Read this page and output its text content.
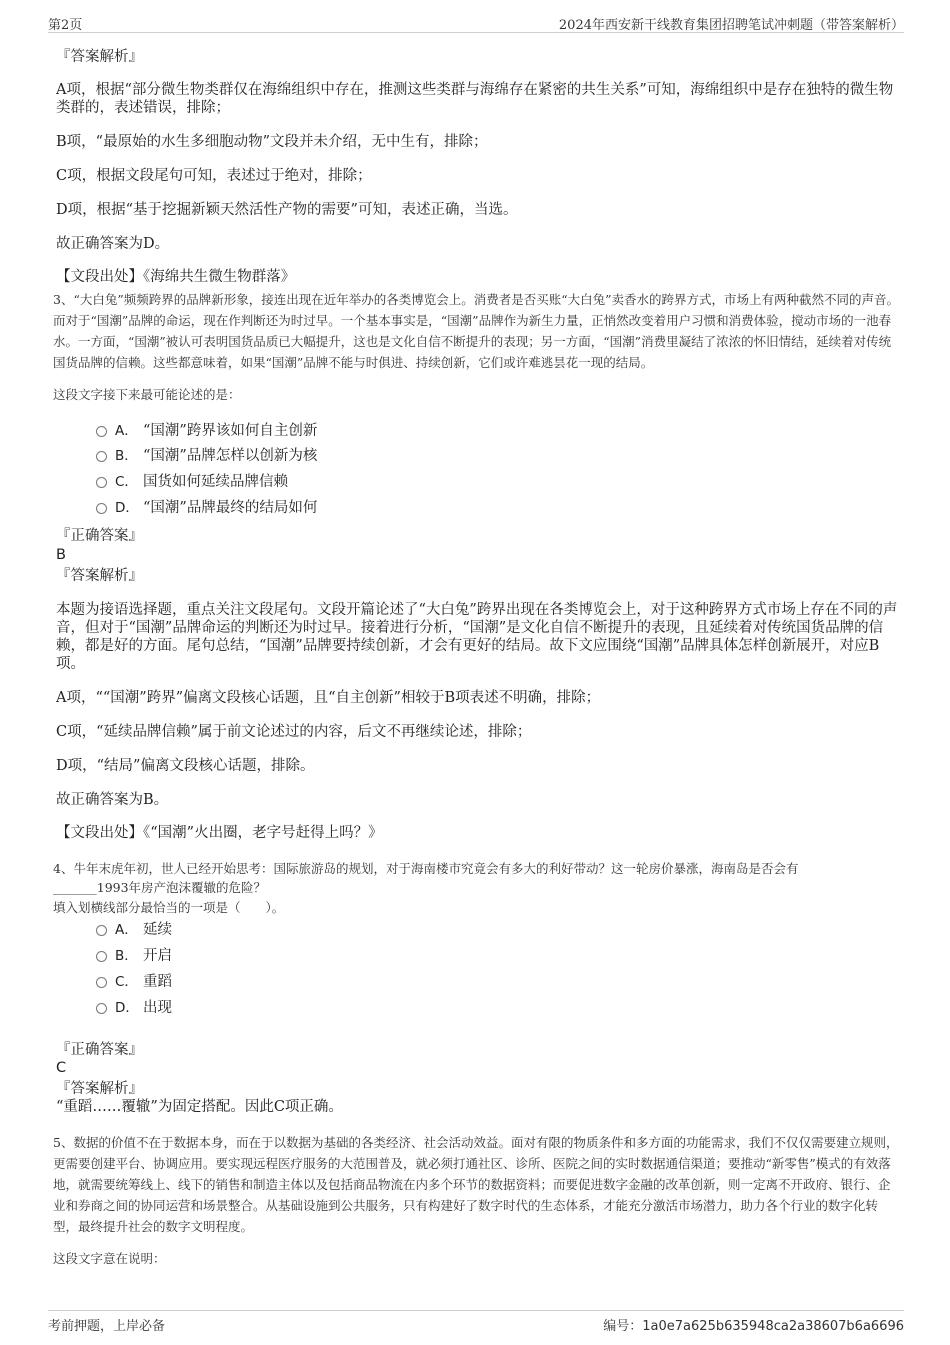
第2页	2024年西安新干线教育集团招聘笔试冲刺题（带答案解析）
『答案解析』
A项，根据“部分微生物类群仅在海绵组织中存在，推测这些类群与海绵存在紧密的共生关系”可知，海绵组织中是存在独特的微生物类群的，表述错误，排除；
B项，“最原始的水生多细胞动物”文段并未介绍，无中生有，排除；
C项，根据文段尾句可知，表述过于绝对，排除；
D项，根据“基于挖掘新颖天然活性产物的需要”可知，表述正确，当选。
故正确答案为D。
【文段出处】《海绵共生微生物群落》
3、“大白兔”频频跨界的品牌新形象，接连出现在近年举办的各类博览会上。消费者是否买账“大白兔”卖香水的跨界方式，市场上有两种截然不同的声音。而对于“国潮”品牌的命运，现在作判断还为时过早。一个基本事实是，“国潮”品牌作为新生力量，正悄然改变着用户习惯和消费体验，搅动市场的一池春水。一方面，“国潮”被认可表明国货品质已大幅提升，这也是文化自信不断提升的表现；另一方面，“国潮”消费里凝结了浓浓的怀旧情结，延续着对传统国货品牌的信赖。这些都意味着，如果“国潮”品牌不能与时俱进、持续创新，它们或许难逃昙花一现的结局。
这段文字接下来最可能论述的是：
A． “国潮”跨界该如何自主创新
B． “国潮”品牌怎样以创新为核
C． 国货如何延续品牌信赖
D． “国潮”品牌最终的结局如何
『正确答案』
B
『答案解析』
本题为接语选择题，重点关注文段尾句。文段开篇论述了“大白兔”跨界出现在各类博览会上，对于这种跨界方式市场上存在不同的声音，但对于“国潮”品牌命运的判断还为时过早。接着进行分析，“国潮”是文化自信不断提升的表现，且延续着对传统国货品牌的信赖，都是好的方面。尾句总结，“国潮”品牌要持续创新，才会有更好的结局。故下文应围绕“国潮”品牌具体怎样创新展开，对应B项。
A项，““国潮”跨界”偏离文段核心话题，且“自主创新”相较于B项表述不明确，排除；
C项，“延续品牌信赖”属于前文论述过的内容，后文不再继续论述，排除；
D项，“结局”偏离文段核心话题，排除。
故正确答案为B。
【文段出处】《“国潮”火出圈，老字号赶得上吗？》
4、牛年末虎年初，世人已经开始思考：国际旅游岛的规划，对于海南楼市究竟会有多大的利好带动？这一轮房价暴涨，海南岛是否会有
_______1993年房产泡沫覆辙的危险？
填入划横线部分最恰当的一项是（　　）。
A． 延续
B． 开启
C． 重蹈
D． 出现
『正确答案』
C
『答案解析』
“重蹈……覆辙”为固定搭配。因此C项正确。
5、数据的价值不在于数据本身，而在于以数据为基础的各类经济、社会活动效益。面对有限的物质条件和多方面的功能需求，我们不仅仅需要建立规则，更需要创建平台、协调应用。要实现远程医疗服务的大范围普及，就必须打通社区、诊所、医院之间的实时数据通信渠道；要推动“新零售”模式的有效落地，就需要统筹线上、线下的销售和制造主体以及包括商品物流在内多个环节的数据资料；而要促进数字金融的改革创新，则一定离不开政府、银行、企业和券商之间的协同运营和场景整合。从基础设施到公共服务，只有构建好了数字时代的生态体系，才能充分激活市场潜力，助力各个行业的数字化转型，最终提升社会的数字文明程度。
这段文字意在说明：
考前押题，上岸必备	编号：1a0e7a625b635948ca2a38607b6a6696
